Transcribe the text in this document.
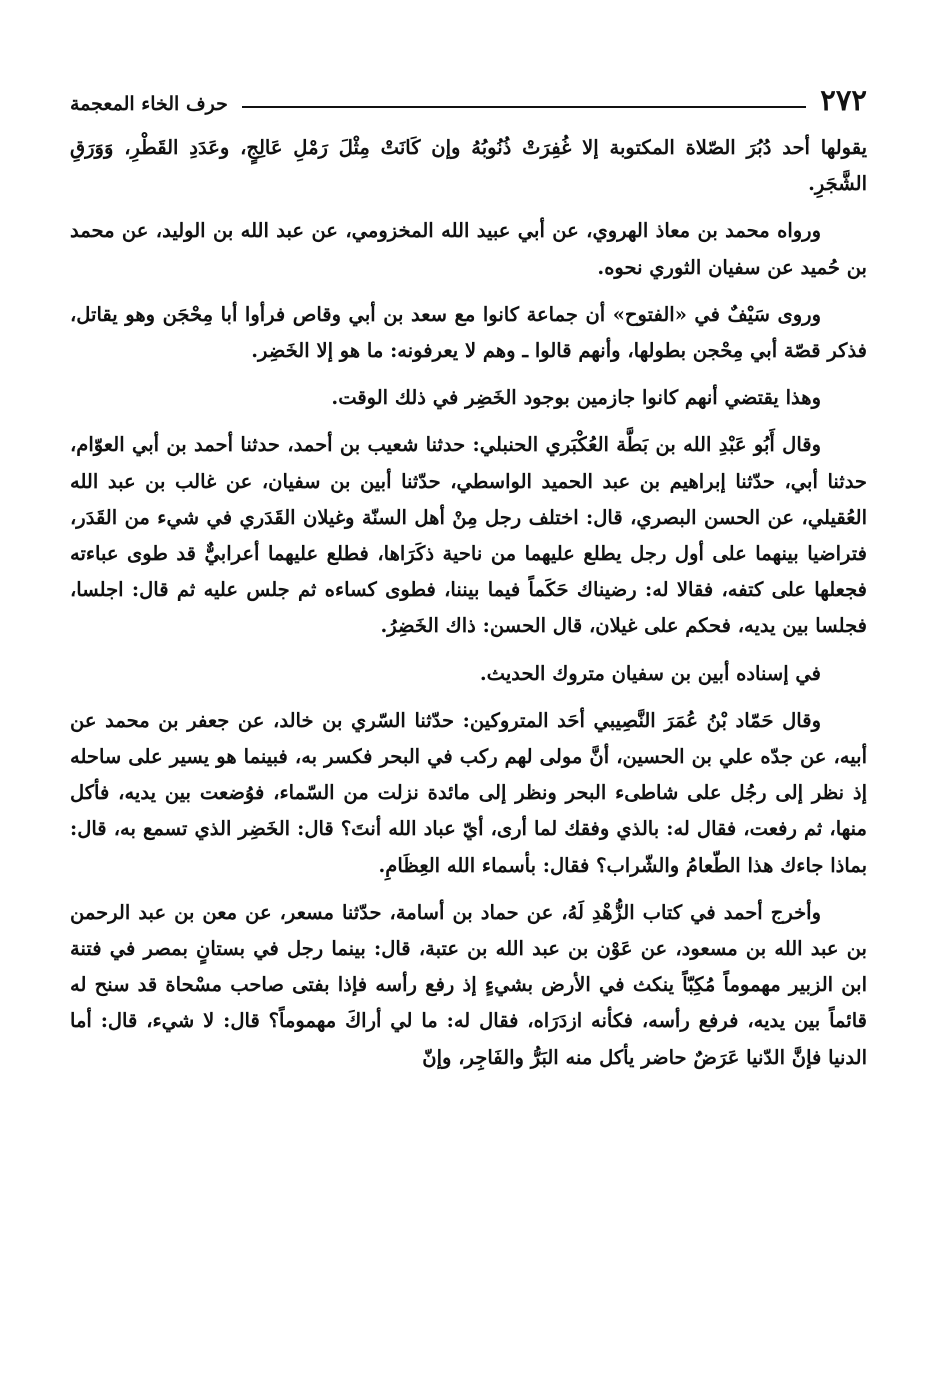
٢٧٢
حرف الخاء المعجمة

يقولها أحد دُبُرَ الصّلاة المكتوبة إلا غُفِرَتْ ذُنُوبُهُ وإن كَانَتْ مِثْلَ رَمْلِ عَالِجٍ، وعَدَدِ القَطْرِ، وَوَرَقِ الشَّجَرِ.

ورواه محمد بن معاذ الهروي، عن أبي عبيد الله المخزومي، عن عبد الله بن الوليد، عن محمد بن حُميد عن سفيان الثوري نحوه.

وروى سَيْفٌ في «الفتوح» أن جماعة كانوا مع سعد بن أبي وقاص فرأوا أبا مِحْجَن وهو يقاتل، فذكر قصّة أبي مِحْجن بطولها، وأنهم قالوا ـ وهم لا يعرفونه: ما هو إلا الخَضِر.

وهذا يقتضي أنهم كانوا جازمين بوجود الخَضِر في ذلك الوقت.

وقال أَبُو عَبْدِ الله بن بَطَّة العُكْبَري الحنبلي: حدثنا شعيب بن أحمد، حدثنا أحمد بن أبي العوّام، حدثنا أبي، حدّثنا إبراهيم بن عبد الحميد الواسطي، حدّثنا أبين بن سفيان، عن غالب بن عبد الله العُقيلي، عن الحسن البصري، قال: اختلف رجل مِنْ أهل السنّة وغيلان القَدَري في شيء من القَدَر، فتراضيا بينهما على أول رجل يطلع عليهما من ناحية ذكَرَاها، فطلع عليهما أعرابيٌّ قد طوى عباءته فجعلها على كتفه، فقالا له: رضيناك حَكَماً فيما بيننا، فطوى كساءه ثم جلس عليه ثم قال: اجلسا، فجلسا بين يديه، فحكم على غيلان، قال الحسن: ذاك الخَضِرُ.

في إسناده أبين بن سفيان متروك الحديث.

وقال حَمّاد بْنُ عُمَرَ النَّصِيبي أحَد المتروكين: حدّثنا السّري بن خالد، عن جعفر بن محمد عن أبيه، عن جدّه علي بن الحسين، أنَّ مولى لهم ركب في البحر فكسر به، فبينما هو يسير على ساحله إذ نظر إلى رجُل على شاطىء البحر ونظر إلى مائدة نزلت من السّماء، فوُضعت بين يديه، فأكل منها، ثم رفعت، فقال له: بالذي وفقك لما أرى، أيّ عباد الله أنتَ؟ قال: الخَضِر الذي تسمع به، قال: بماذا جاءك هذا الطّعامُ والشّراب؟ فقال: بأسماء الله العِظَامِ.

وأخرج أحمد في كتاب الزُّهْدِ لَهُ، عن حماد بن أسامة، حدّثنا مسعر، عن معن بن عبد الرحمن بن عبد الله بن مسعود، عن عَوْن بن عبد الله بن عتبة، قال: بينما رجل في بستانٍ بمصر في فتنة ابن الزبير مهموماً مُكِبّاً ينكث في الأرض بشيءٍ إذ رفع رأسه فإذا بفتى صاحب مسْحاة قد سنح له قائماً بين يديه، فرفع رأسه، فكأنه ازدَرَاه، فقال له: ما لي أراكَ مهموماً؟ قال: لا شيء، قال: أما الدنيا فإنَّ الدّنيا عَرَضٌ حاضر يأكل منه البَرُّ والفَاجِر، وإنّ
